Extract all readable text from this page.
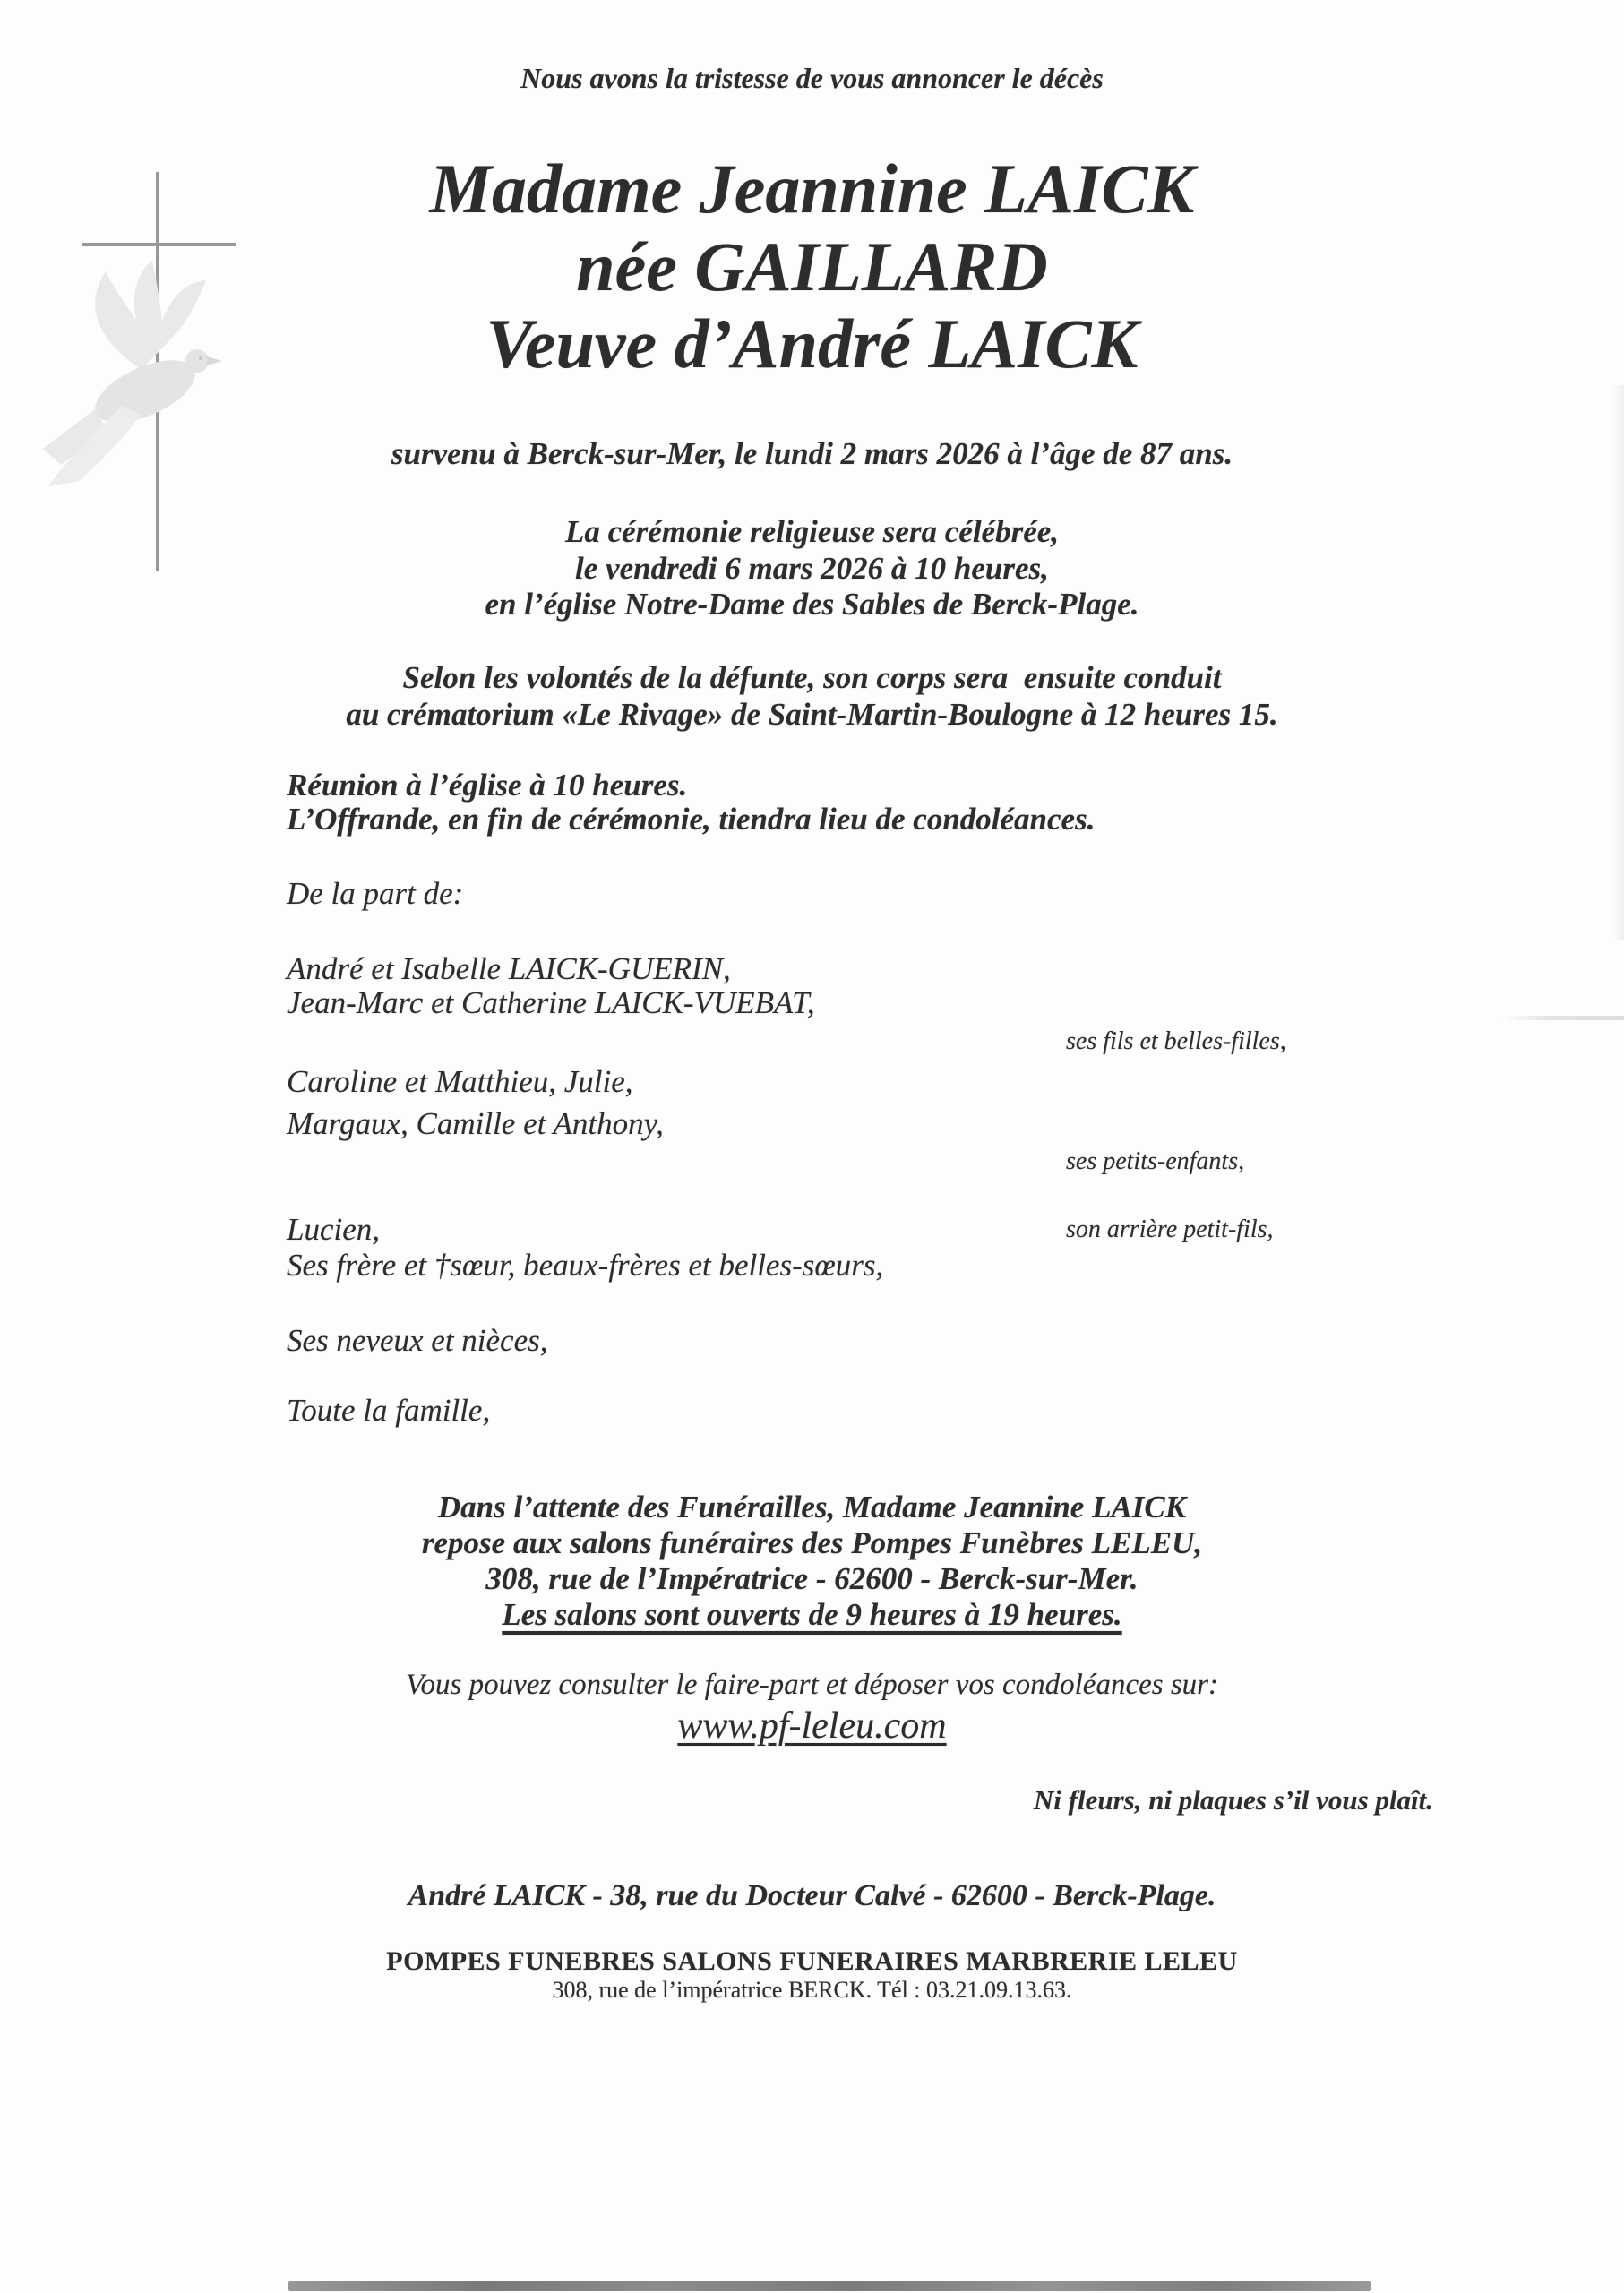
Nous avons la tristesse de vous annoncer le décès
Madame Jeannine LAICK
née GAILLARD
Veuve d’André LAICK
survenu à Berck-sur-Mer, le lundi 2 mars 2026 à l’âge de 87 ans.
La cérémonie religieuse sera célébrée,
le vendredi 6 mars 2026 à 10 heures,
en l’église Notre-Dame des Sables de Berck-Plage.
Selon les volontés de la défunte, son corps sera  ensuite conduit
au crématorium «Le Rivage» de Saint-Martin-Boulogne à 12 heures 15.
Réunion à l’église à 10 heures.
L’Offrande, en fin de cérémonie, tiendra lieu de condoléances.
De la part de:
André et Isabelle LAICK-GUERIN,
Jean-Marc et Catherine LAICK-VUEBAT,
ses fils et belles-filles,
Caroline et Matthieu, Julie,
Margaux, Camille et Anthony,
ses petits-enfants,
Lucien,	son arrière petit-fils,
Ses frère et †sœur, beaux-frères et belles-sœurs,
Ses neveux et nièces,
Toute la famille,
Dans l’attente des Funérailles, Madame Jeannine LAICK
repose aux salons funéraires des Pompes Funèbres LELEU,
308, rue de l’Impératrice - 62600 - Berck-sur-Mer.
Les salons sont ouverts de 9 heures à 19 heures.
Vous pouvez consulter le faire-part et déposer vos condoléances sur:
www.pf-leleu.com
Ni fleurs, ni plaques s’il vous plaît.
André LAICK - 38, rue du Docteur Calvé - 62600 - Berck-Plage.
POMPES FUNEBRES SALONS FUNERAIRES MARBRERIE LELEU
308, rue de l’impératrice BERCK. Tél : 03.21.09.13.63.
